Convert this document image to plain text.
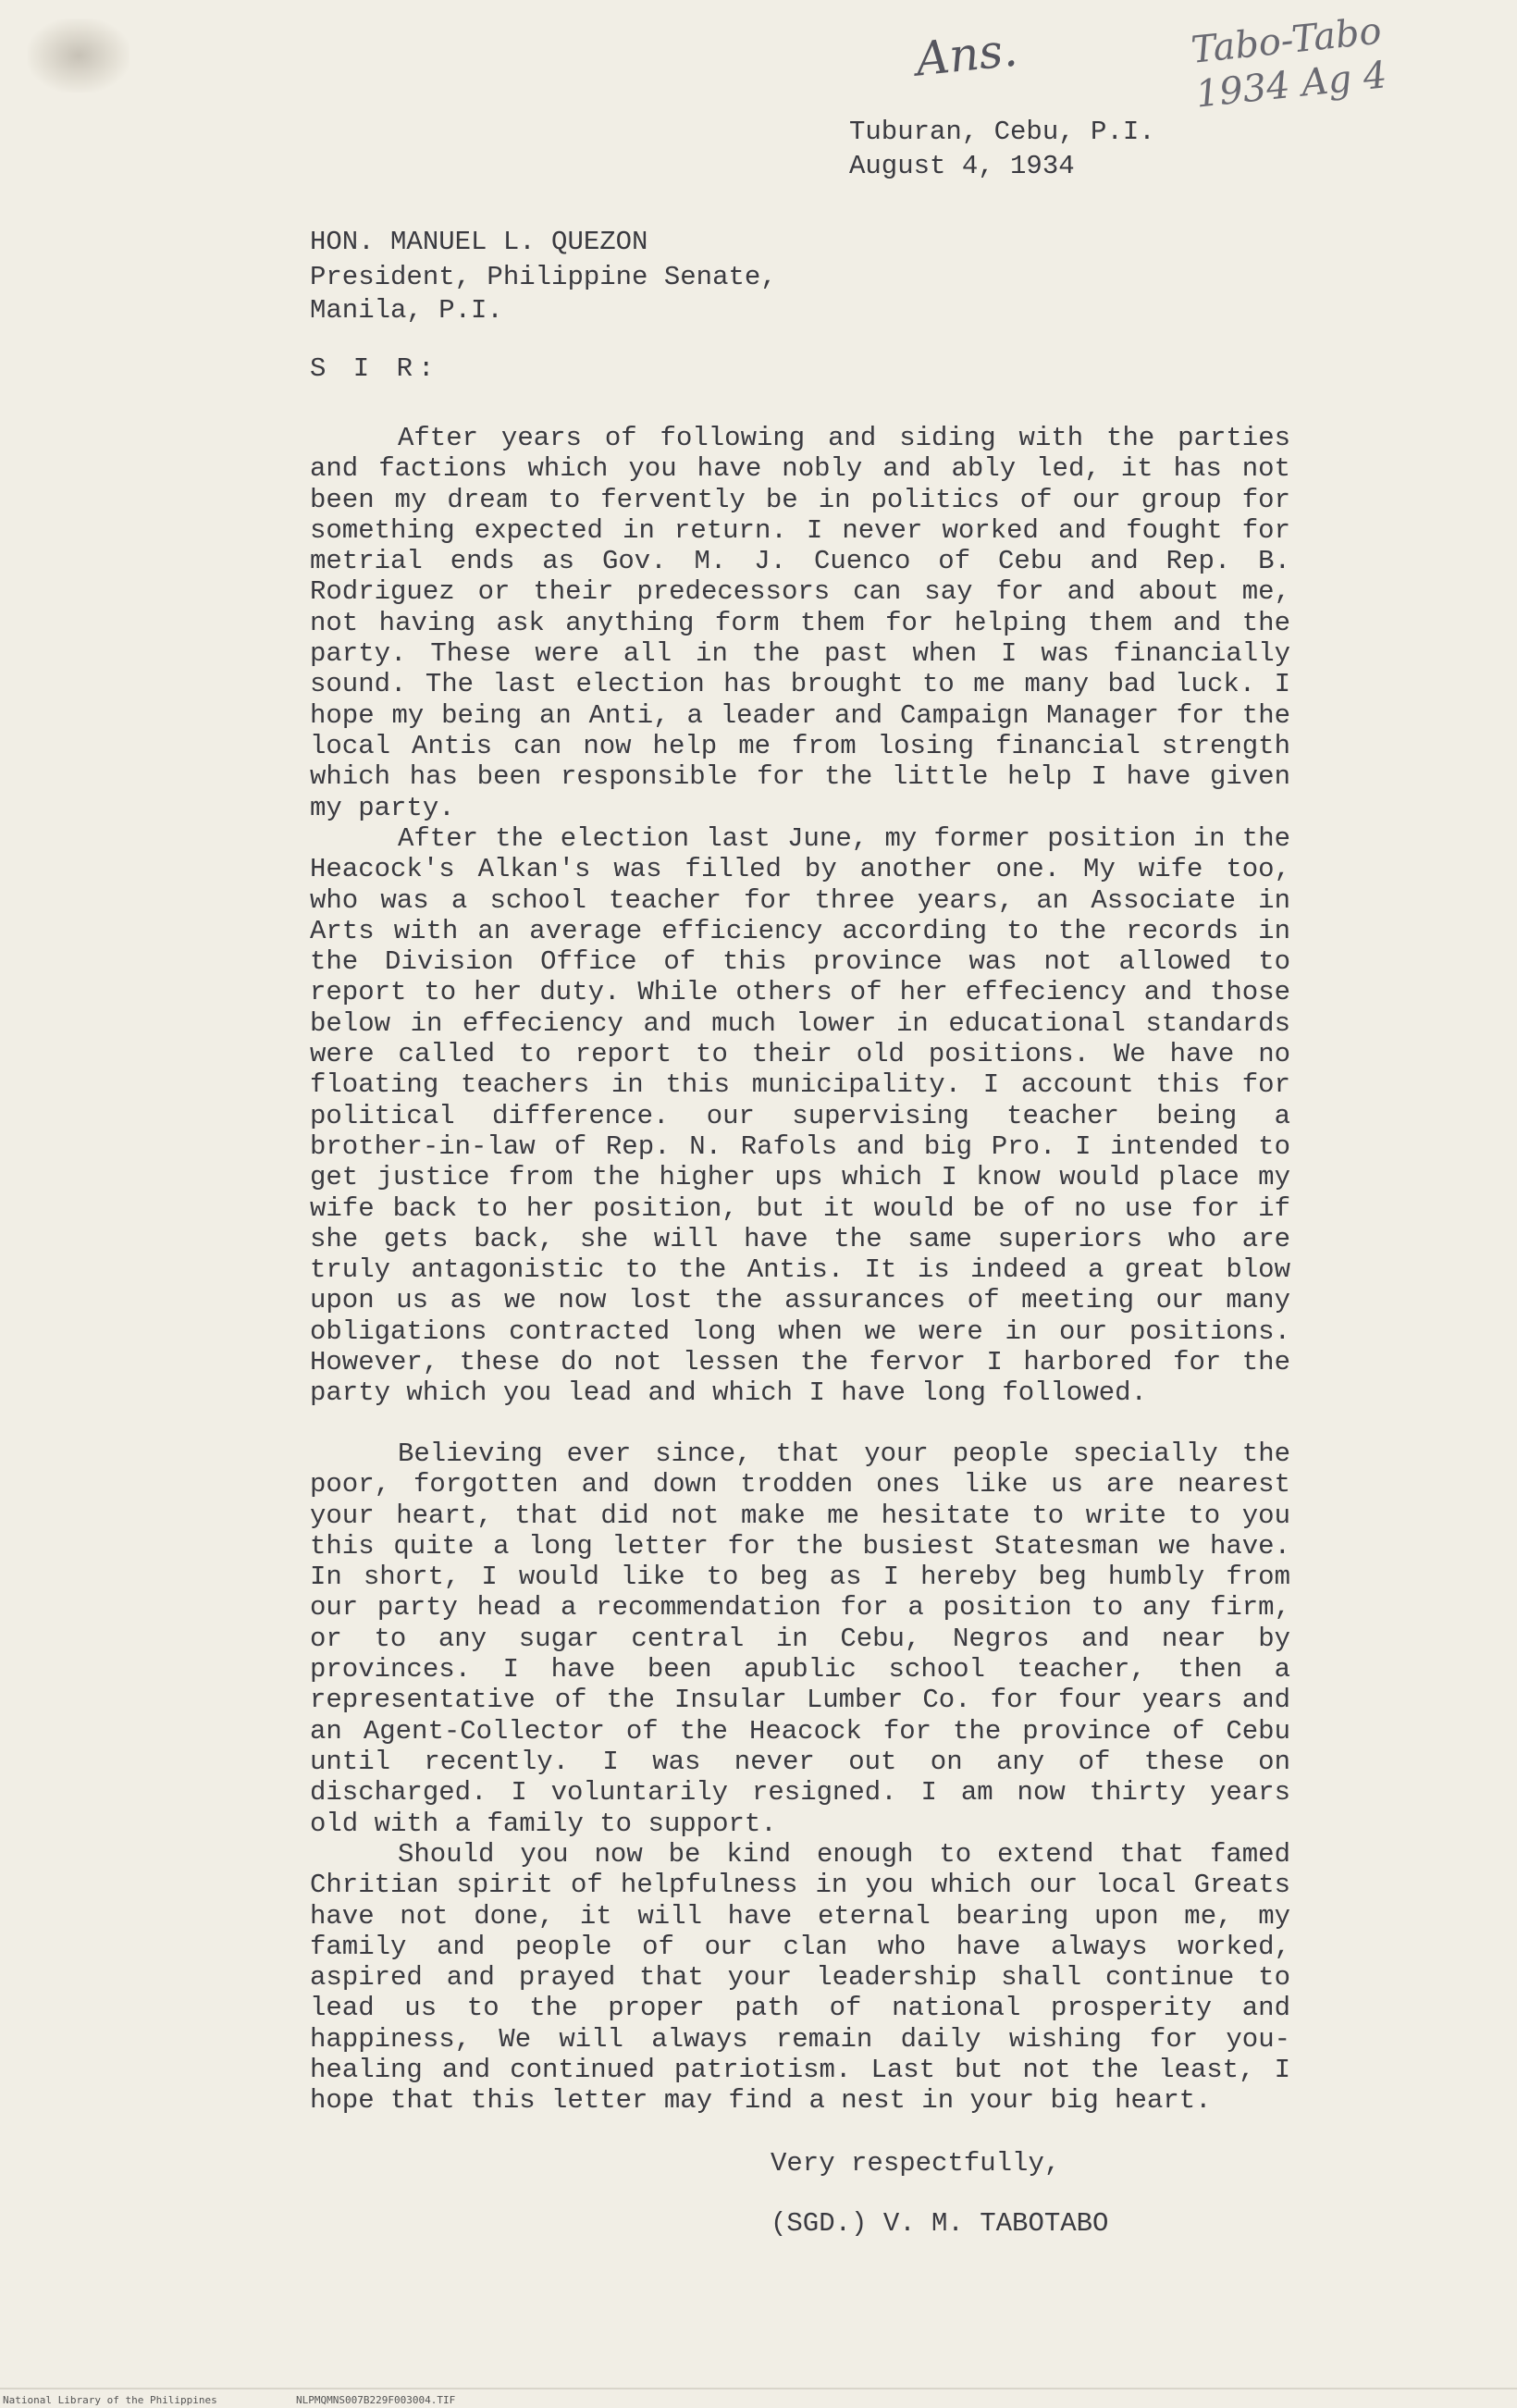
Ans.	Tabo-Tabo
1934 Ag 4
Tuburan, Cebu, P.I.
August 4, 1934
HON. MANUEL L. QUEZON
President, Philippine Senate,
Manila, P.I.
S I R:

After years of following and siding with the parties and factions which you have nobly and ably led, it has not been my dream to fervently be in politics of our group for something expected in return. I never worked and fought for metrial ends as Gov. M. J. Cuenco of Cebu and Rep. B. Rodriguez or their predecessors can say for and about me, not having ask anything form them for helping them and the party. These were all in the past when I was financially sound. The last election has brought to me many bad luck. I hope my being an Anti, a leader and Campaign Manager for the local Antis can now help me from losing financial strength which has been responsible for the little help I have given my party.

After the election last June, my former position in the Heacock's Alkan's was filled by another one. My wife too, who was a school teacher for three years, an Associate in Arts with an average efficiency according to the records in the Division Office of this province was not allowed to report to her duty. While others of her effeciency and those below in effeciency and much lower in educational standards were called to report to their old positions. We have no floating teachers in this municipality. I account this for political difference. our supervising teacher being a brother-in-law of Rep. N. Rafols and big Pro. I intended to get justice from the higher ups which I know would place my wife back to her position, but it would be of no use for if she gets back, she will have the same superiors who are truly antagonistic to the Antis. It is indeed a great blow upon us as we now lost the assurances of meeting our many obligations contracted long when we were in our positions. However, these do not lessen the fervor I harbored for the party which you lead and which I have long followed.

Believing ever since, that your people specially the poor, forgotten and down trodden ones like us are nearest your heart, that did not make me hesitate to write to you this quite a long letter for the busiest Statesman we have. In short, I would like to beg as I hereby beg humbly from our party head a recommendation for a position to any firm, or to any sugar central in Cebu, Negros and near by provinces. I have been apublic school teacher, then a representative of the Insular Lumber Co. for four years and an Agent-Collector of the Heacock for the province of Cebu until recently. I was never out on any of these on discharged. I voluntarily resigned. I am now thirty years old with a family to support.

Should you now be kind enough to extend that famed Chritian spirit of helpfulness in you which our local Greats have not done, it will have eternal bearing upon me, my family and people of our clan who have always worked, aspired and prayed that your leadership shall continue to lead us to the proper path of national prosperity and happiness, We will always remain daily wishing for you-healing and continued patriotism. Last but not the least, I hope that this letter may find a nest in your big heart.

Very respectfully,
(SGD.) V. M. TABOTABO
National Library of the Philippines	NLPMQMNS007B229F003004.TIF
